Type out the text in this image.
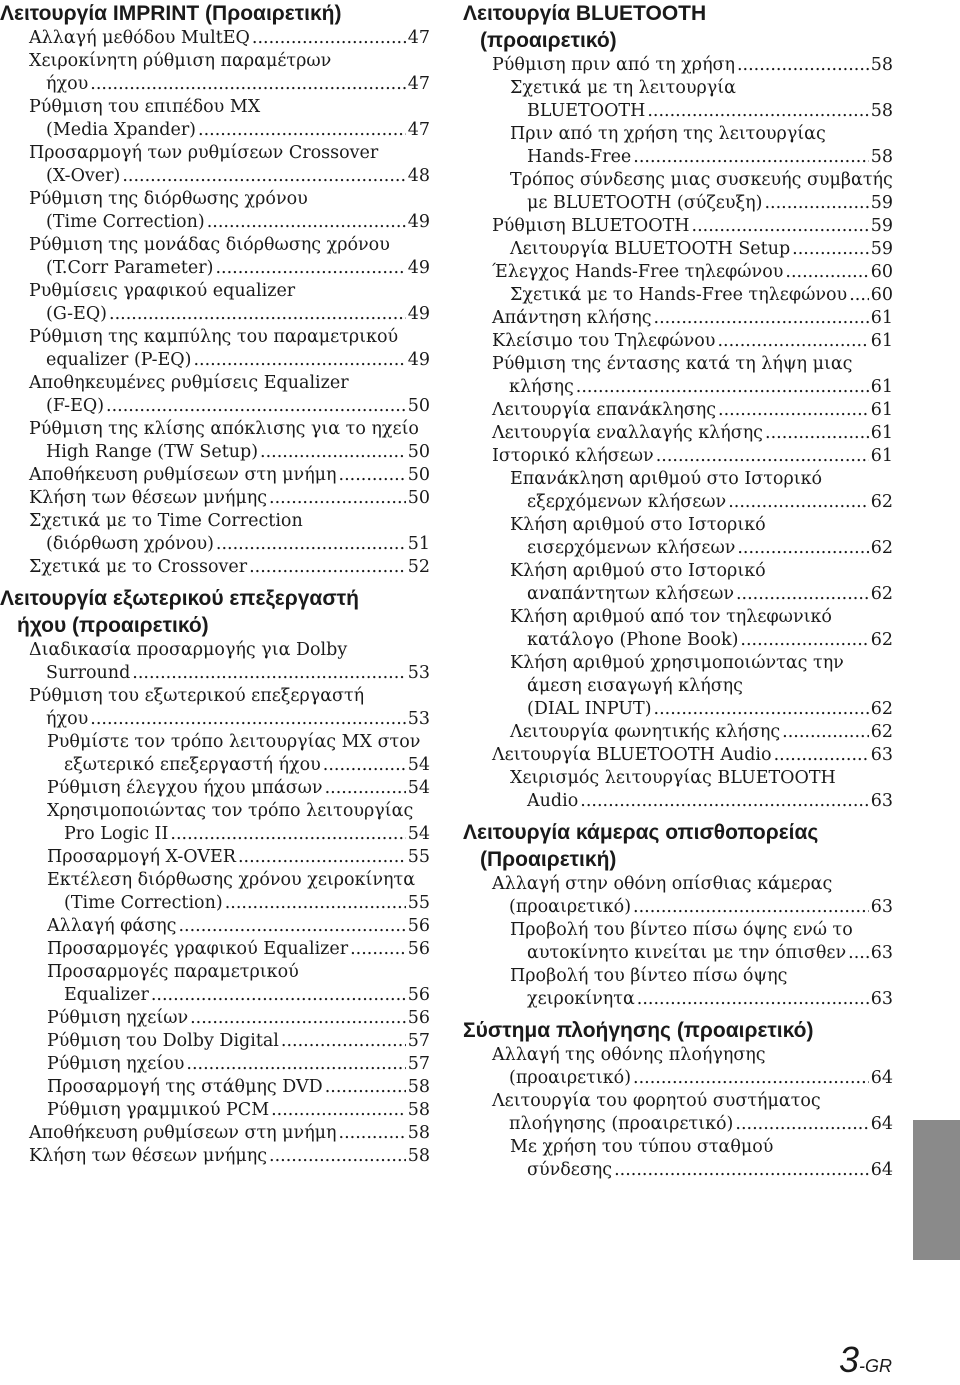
Λειτουργία IMPRINT (Προαιρετική)
Αλλαγή μεθόδου MultEQ .....	47
Χειροκίνητη ρύθμιση παραμέτρων
ήχου .....	47
Ρύθμιση του επιπέδου MX
(Media Xpander) .....	47
Προσαρμογή των ρυθμίσεων Crossover
(X-Over) .....	48
Ρύθμιση της διόρθωσης χρόνου
(Time Correction) .....	49
Ρύθμιση της μονάδας διόρθωσης χρόνου
(T.Corr Parameter) .....	49
Ρυθμίσεις γραφικού equalizer
(G-EQ) .....	49
Ρύθμιση της καμπύλης του παραμετρικού
equalizer (P-EQ) .....	49
Αποθηκευμένες ρυθμίσεις Equalizer
(F-EQ) .....	50
Ρύθμιση της κλίσης απόκλισης για το ηχείο
High Range (TW Setup) .....	50
Αποθήκευση ρυθμίσεων στη μνήμη .....	50
Κλήση των θέσεων μνήμης .....	50
Σχετικά με το Time Correction
(διόρθωση χρόνου) .....	51
Σχετικά με το Crossover .....	52
Λειτουργία εξωτερικού επεξεργαστή
ήχου (προαιρετικό)
Διαδικασία προσαρμογής για Dolby
Surround .....	53
Ρύθμιση του εξωτερικού επεξεργαστή
ήχου .....	53
Ρυθμίστε τον τρόπο λειτουργίας MX στον
εξωτερικό επεξεργαστή ήχου .....	54
Ρύθμιση έλεγχου ήχου μπάσων .....	54
Χρησιμοποιώντας τον τρόπο λειτουργίας
Pro Logic II .....	54
Προσαρμογή X-OVER .....	55
Εκτέλεση διόρθωσης χρόνου χειροκίνητα
(Time Correction) .....	55
Αλλαγή φάσης .....	56
Προσαρμογές γραφικού Equalizer .....	56
Προσαρμογές παραμετρικού
Equalizer .....	56
Ρύθμιση ηχείων .....	56
Ρύθμιση του Dolby Digital .....	57
Ρύθμιση ηχείου .....	57
Προσαρμογή της στάθμης DVD .....	58
Ρύθμιση γραμμικού PCM .....	58
Αποθήκευση ρυθμίσεων στη μνήμη .....	58
Κλήση των θέσεων μνήμης .....	58
Λειτουργία BLUETOOTH
(προαιρετικό)
Ρύθμιση πριν από τη χρήση .....	58
Σχετικά με τη λειτουργία
BLUETOOTH .....	58
Πριν από τη χρήση της λειτουργίας
Hands-Free .....	58
Τρόπος σύνδεσης μιας συσκευής συμβατής
με BLUETOOTH (σύζευξη) .....	59
Ρύθμιση BLUETOOTH .....	59
Λειτουργία BLUETOOTH Setup .....	59
Έλεγχος Hands-Free τηλεφώνου .....	60
Σχετικά με το Hands-Free τηλεφώνου ..... 60
Απάντηση κλήσης .....	61
Κλείσιμο του Τηλεφώνου .....	61
Ρύθμιση της έντασης κατά τη λήψη μιας
κλήσης .....	61
Λειτουργία επανάκλησης .....	61
Λειτουργία εναλλαγής κλήσης .....	61
Ιστορικό κλήσεων .....	61
Επανάκληση αριθμού στο Ιστορικό
εξερχόμενων κλήσεων .....	62
Κλήση αριθμού στο Ιστορικό
εισερχόμενων κλήσεων .....	62
Κλήση αριθμού στο Ιστορικό
αναπάντητων κλήσεων .....	62
Κλήση αριθμού από τον τηλεφωνικό
κατάλογο (Phone Book) .....	62
Κλήση αριθμού χρησιμοποιώντας την
άμεση εισαγωγή κλήσης
(DIAL INPUT) .....	62
Λειτουργία φωνητικής κλήσης .....	62
Λειτουργία BLUETOOTH Audio .....	63
Χειρισμός λειτουργίας BLUETOOTH
Audio .....	63
Λειτουργία κάμερας οπισθοπορείας
(Προαιρετική)
Αλλαγή στην οθόνη οπίσθιας κάμερας
(προαιρετικό) .....	63
Προβολή του βίντεο πίσω όψης ενώ το
αυτοκίνητο κινείται με την όπισθεν ..... 63
Προβολή του βίντεο πίσω όψης
χειροκίνητα .....	63
Σύστημα πλοήγησης (προαιρετικό)
Αλλαγή της οθόνης πλοήγησης
(προαιρετικό) .....	64
Λειτουργία του φορητού συστήματος
πλοήγησης (προαιρετικό) .....	64
Με χρήση του τύπου σταθμού
σύνδεσης .....	64
3 -GR
